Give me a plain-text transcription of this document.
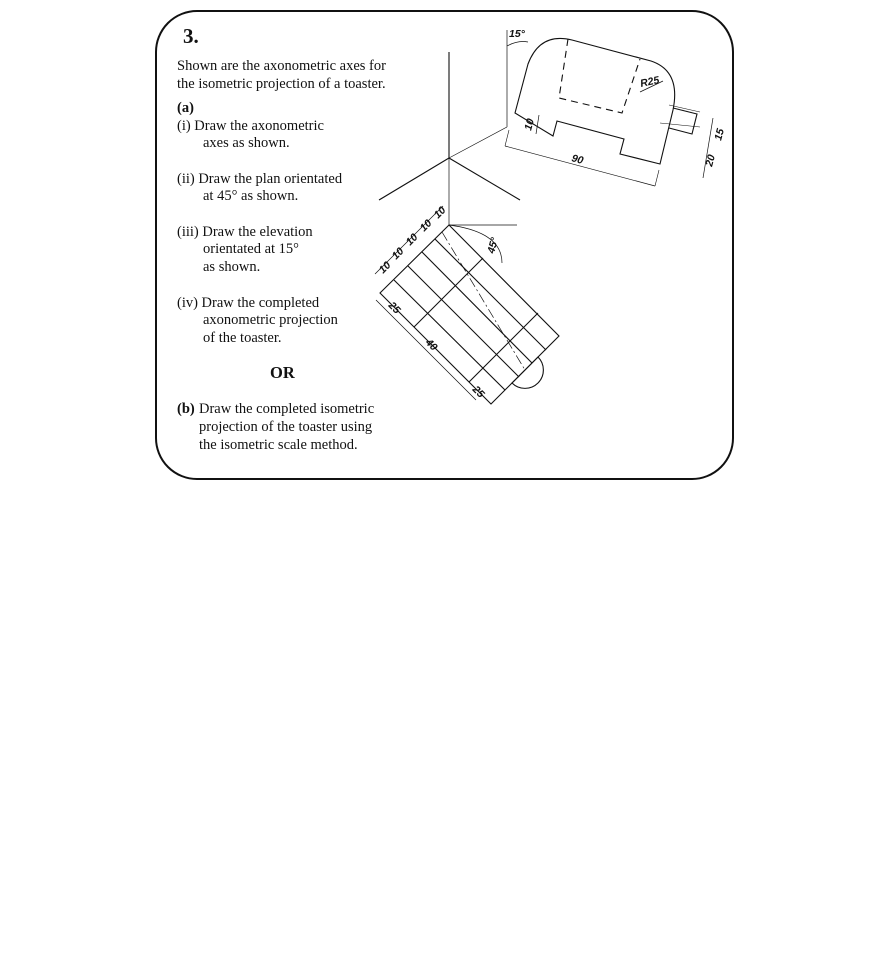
3.
Shown are the axonometric axes for
the isometric projection of a toaster.
(a)
(i) Draw the axonometric
axes as shown.
(ii) Draw the plan orientated
at 45° as shown.
(iii) Draw the elevation
orientated at 15°
as shown.
(iv) Draw the completed
axonometric projection
of the toaster.
OR
(b) Draw the completed isometric
projection of the toaster using
the isometric scale method.
15°
R25
10
90
15
20
45°
10
10
10
10
10
25
40
25
